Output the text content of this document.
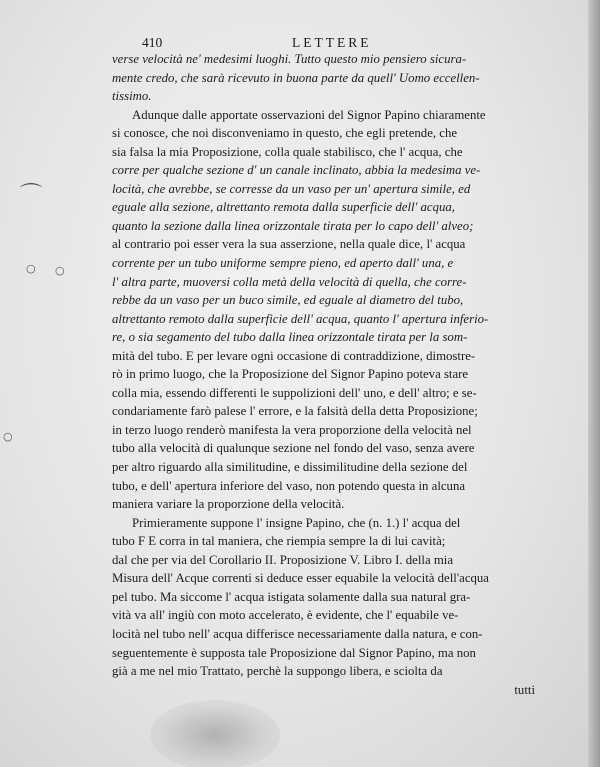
⌒
○ ○
○
410	LETTERE
verse velocità ne' medesimi luoghi. Tutto questo mio pensiero sicura-
mente credo, che sarà ricevuto in buona parte da quell' Uomo eccellen-
tissimo.
Adunque dalle apportate osservazioni del Signor Papino chiaramente
si conosce, che noi disconveniamo in questo, che egli pretende, che
sia falsa la mia Proposizione, colla quale stabilisco, che l' acqua, che
corre per qualche sezione d' un canale inclinato, abbia la medesima ve-
locità, che avrebbe, se corresse da un vaso per un' apertura simile, ed
eguale alla sezione, altrettanto remota dalla superficie dell' acqua,
quanto la sezione dalla linea orizzontale tirata per lo capo dell' alveo;
al contrario poi esser vera la sua asserzione, nella quale dice, l' acqua
corrente per un tubo uniforme sempre pieno, ed aperto dall' una, e
l' altra parte, muoversi colla metà della velocità di quella, che corre-
rebbe da un vaso per un buco simile, ed eguale al diametro del tubo,
altrettanto remoto dalla superficie dell' acqua, quanto l' apertura inferio-
re, o sia segamento del tubo dalla linea orizzontale tirata per la som-
mità del tubo. E per levare ogni occasione di contraddizione, dimostre-
rò in primo luogo, che la Proposizione del Signor Papino poteva stare
colla mia, essendo differenti le suppolizioni dell' uno, e dell' altro; e se-
condariamente farò palese l' errore, e la falsità della detta Proposizione;
in terzo luogo renderò manifesta la vera proporzione della velocità nel
tubo alla velocità di qualunque sezione nel fondo del vaso, senza avere
per altro riguardo alla similitudine, e dissimilitudine della sezione del
tubo, e dell' apertura inferiore del vaso, non potendo questa in alcuna
maniera variare la proporzione della velocità.
Primieramente suppone l' insigne Papino, che (n. 1.) l' acqua del
tubo F E corra in tal maniera, che riempia sempre la di lui cavità;
dal che per via del Corollario II. Proposizione V. Libro I. della mia
Misura dell' Acque correnti si deduce esser equabile la velocità dell'acqua
pel tubo. Ma siccome l' acqua istigata solamente dalla sua natural gra-
vità va all' ingiù con moto accelerato, è evidente, che l' equabile ve-
locità nel tubo nell' acqua differisce necessariamente dalla natura, e con-
seguentemente è supposta tale Proposizione dal Signor Papino, ma non
già a me nel mio Trattato, perchè la suppongo libera, e sciolta da
tutti
